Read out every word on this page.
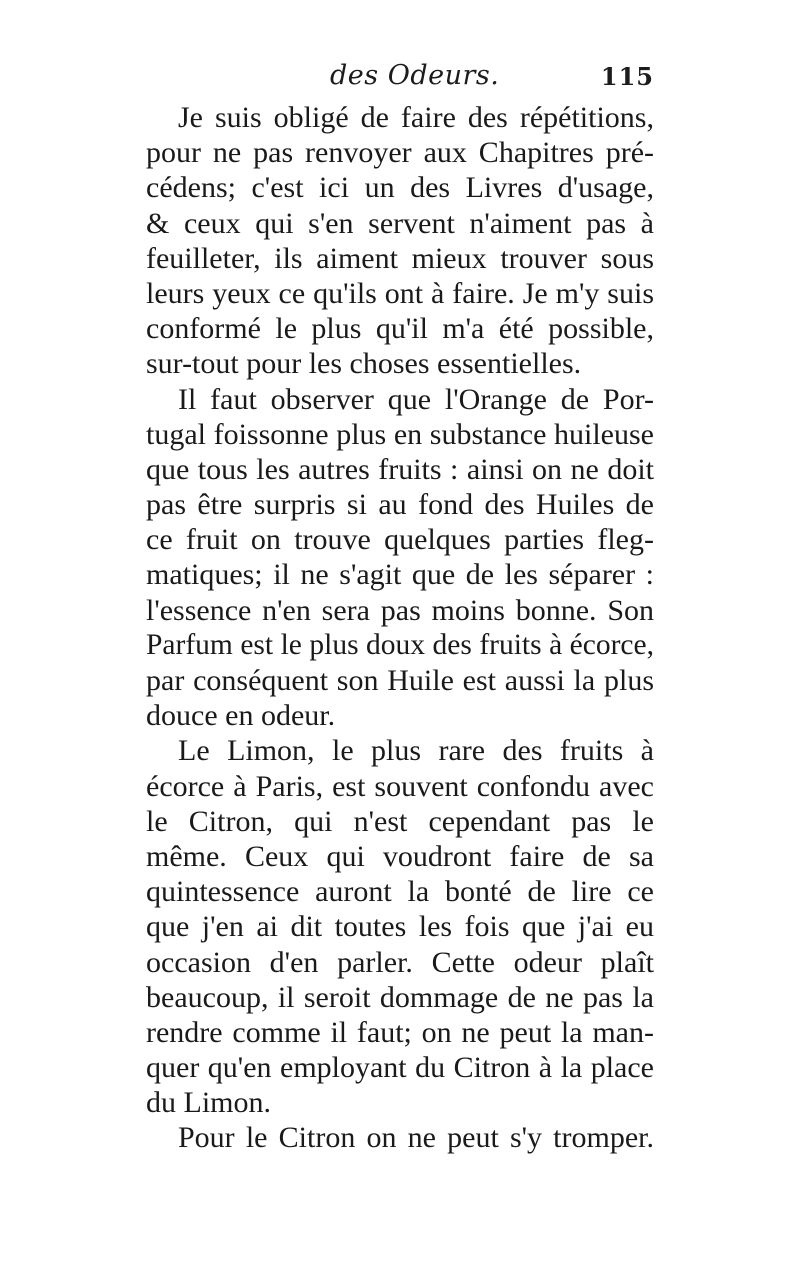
des Odeurs.	115

Je suis obligé de faire des répétitions,
pour ne pas renvoyer aux Chapitres pré-
cédens; c'est ici un des Livres d'usage,
& ceux qui s'en servent n'aiment pas à
feuilleter, ils aiment mieux trouver sous
leurs yeux ce qu'ils ont à faire. Je m'y suis
conformé le plus qu'il m'a été possible,
sur-tout pour les choses essentielles.

Il faut observer que l'Orange de Por-
tugal foissonne plus en substance huileuse
que tous les autres fruits : ainsi on ne doit
pas être surpris si au fond des Huiles de
ce fruit on trouve quelques parties fleg-
matiques; il ne s'agit que de les séparer :
l'essence n'en sera pas moins bonne. Son
Parfum est le plus doux des fruits à écorce,
par conséquent son Huile est aussi la plus
douce en odeur.

Le Limon, le plus rare des fruits à
écorce à Paris, est souvent confondu avec
le Citron, qui n'est cependant pas le
même. Ceux qui voudront faire de sa
quintessence auront la bonté de lire ce
que j'en ai dit toutes les fois que j'ai eu
occasion d'en parler. Cette odeur plaît
beaucoup, il seroit dommage de ne pas la
rendre comme il faut; on ne peut la man-
quer qu'en employant du Citron à la place
du Limon.

Pour le Citron on ne peut s'y tromper.
